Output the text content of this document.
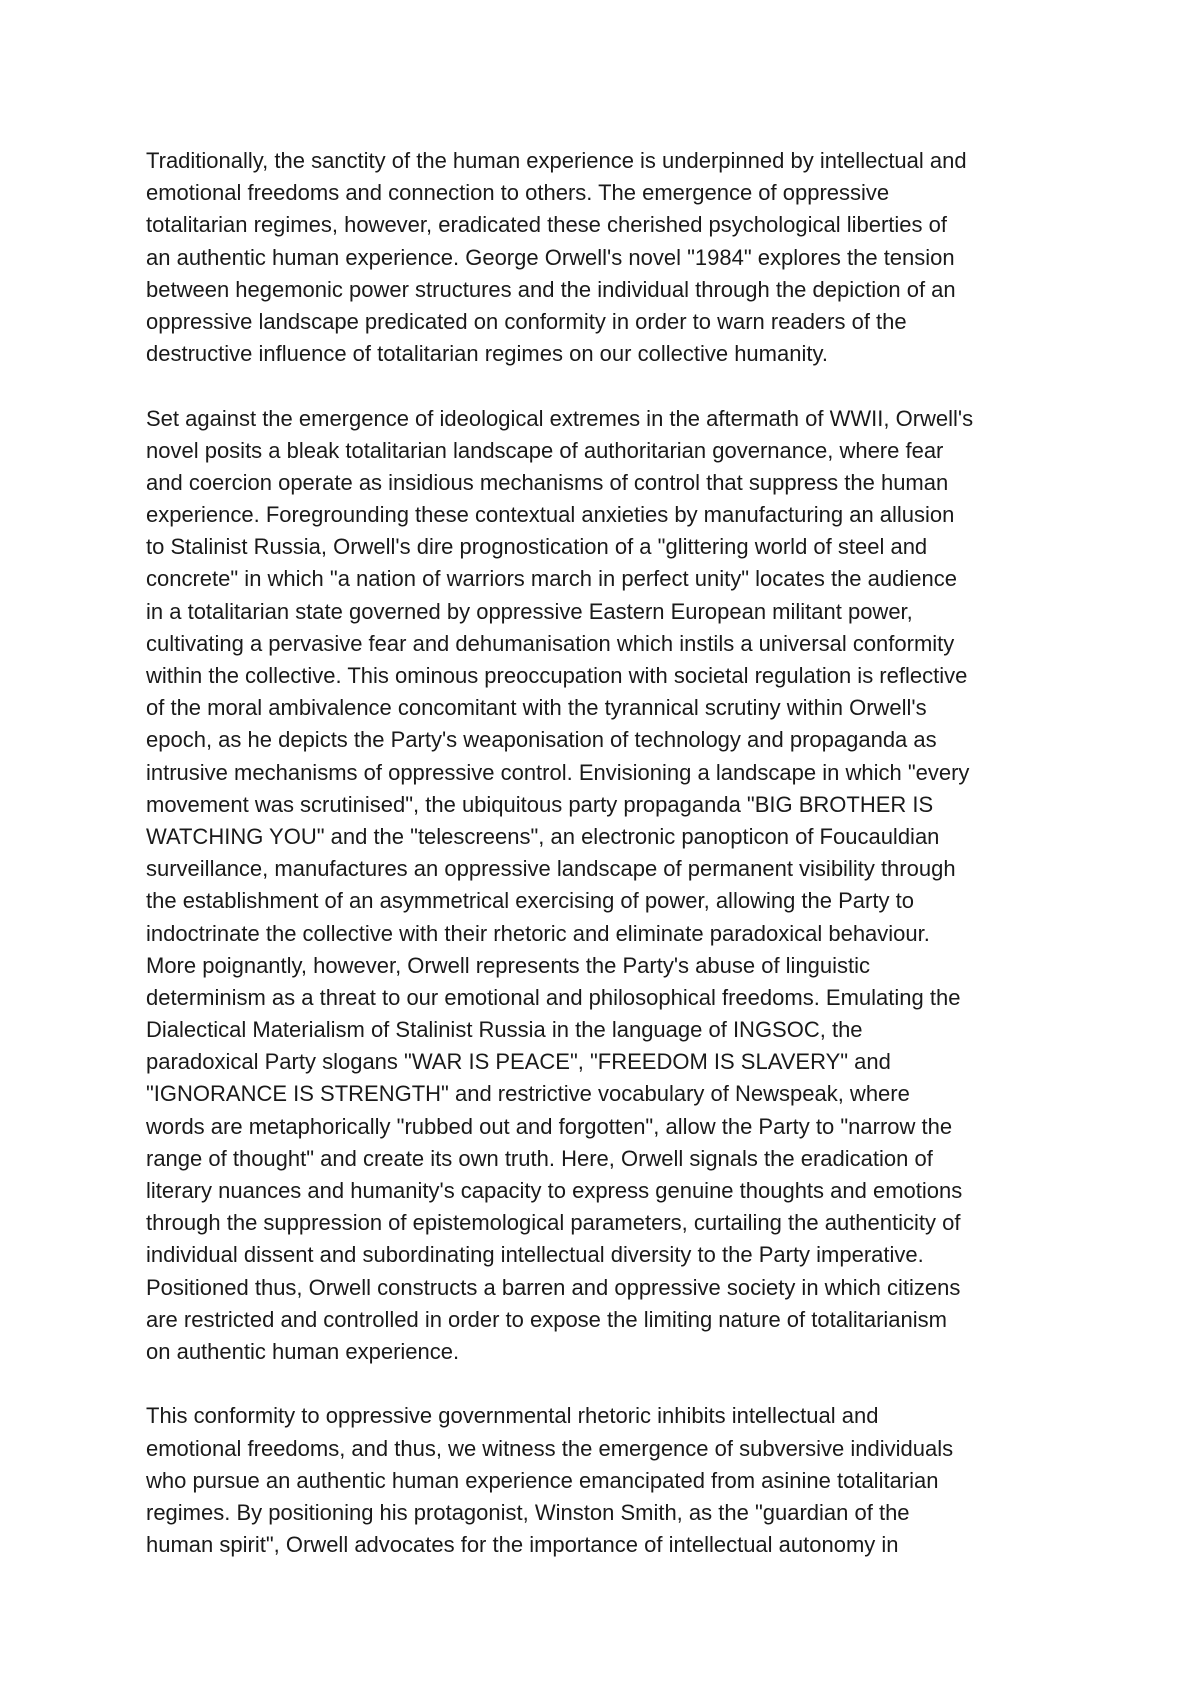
Traditionally, the sanctity of the human experience is underpinned by intellectual and
emotional freedoms and connection to others. The emergence of oppressive
totalitarian regimes, however, eradicated these cherished psychological liberties of
an authentic human experience. George Orwell's novel "1984" explores the tension
between hegemonic power structures and the individual through the depiction of an
oppressive landscape predicated on conformity in order to warn readers of the
destructive influence of totalitarian regimes on our collective humanity.
Set against the emergence of ideological extremes in the aftermath of WWII, Orwell's
novel posits a bleak totalitarian landscape of authoritarian governance, where fear
and coercion operate as insidious mechanisms of control that suppress the human
experience. Foregrounding these contextual anxieties by manufacturing an allusion
to Stalinist Russia, Orwell's dire prognostication of a "glittering world of steel and
concrete" in which "a nation of warriors march in perfect unity" locates the audience
in a totalitarian state governed by oppressive Eastern European militant power,
cultivating a pervasive fear and dehumanisation which instils a universal conformity
within the collective. This ominous preoccupation with societal regulation is reflective
of the moral ambivalence concomitant with the tyrannical scrutiny within Orwell's
epoch, as he depicts the Party's weaponisation of technology and propaganda as
intrusive mechanisms of oppressive control. Envisioning a landscape in which "every
movement was scrutinised", the ubiquitous party propaganda "BIG BROTHER IS
WATCHING YOU" and the "telescreens", an electronic panopticon of Foucauldian
surveillance, manufactures an oppressive landscape of permanent visibility through
the establishment of an asymmetrical exercising of power, allowing the Party to
indoctrinate the collective with their rhetoric and eliminate paradoxical behaviour.
More poignantly, however, Orwell represents the Party's abuse of linguistic
determinism as a threat to our emotional and philosophical freedoms. Emulating the
Dialectical Materialism of Stalinist Russia in the language of INGSOC, the
paradoxical Party slogans "WAR IS PEACE", "FREEDOM IS SLAVERY" and
"IGNORANCE IS STRENGTH" and restrictive vocabulary of Newspeak, where
words are metaphorically "rubbed out and forgotten", allow the Party to "narrow the
range of thought" and create its own truth. Here, Orwell signals the eradication of
literary nuances and humanity's capacity to express genuine thoughts and emotions
through the suppression of epistemological parameters, curtailing the authenticity of
individual dissent and subordinating intellectual diversity to the Party imperative.
Positioned thus, Orwell constructs a barren and oppressive society in which citizens
are restricted and controlled in order to expose the limiting nature of totalitarianism
on authentic human experience.
This conformity to oppressive governmental rhetoric inhibits intellectual and
emotional freedoms, and thus, we witness the emergence of subversive individuals
who pursue an authentic human experience emancipated from asinine totalitarian
regimes. By positioning his protagonist, Winston Smith, as the "guardian of the
human spirit", Orwell advocates for the importance of intellectual autonomy in
